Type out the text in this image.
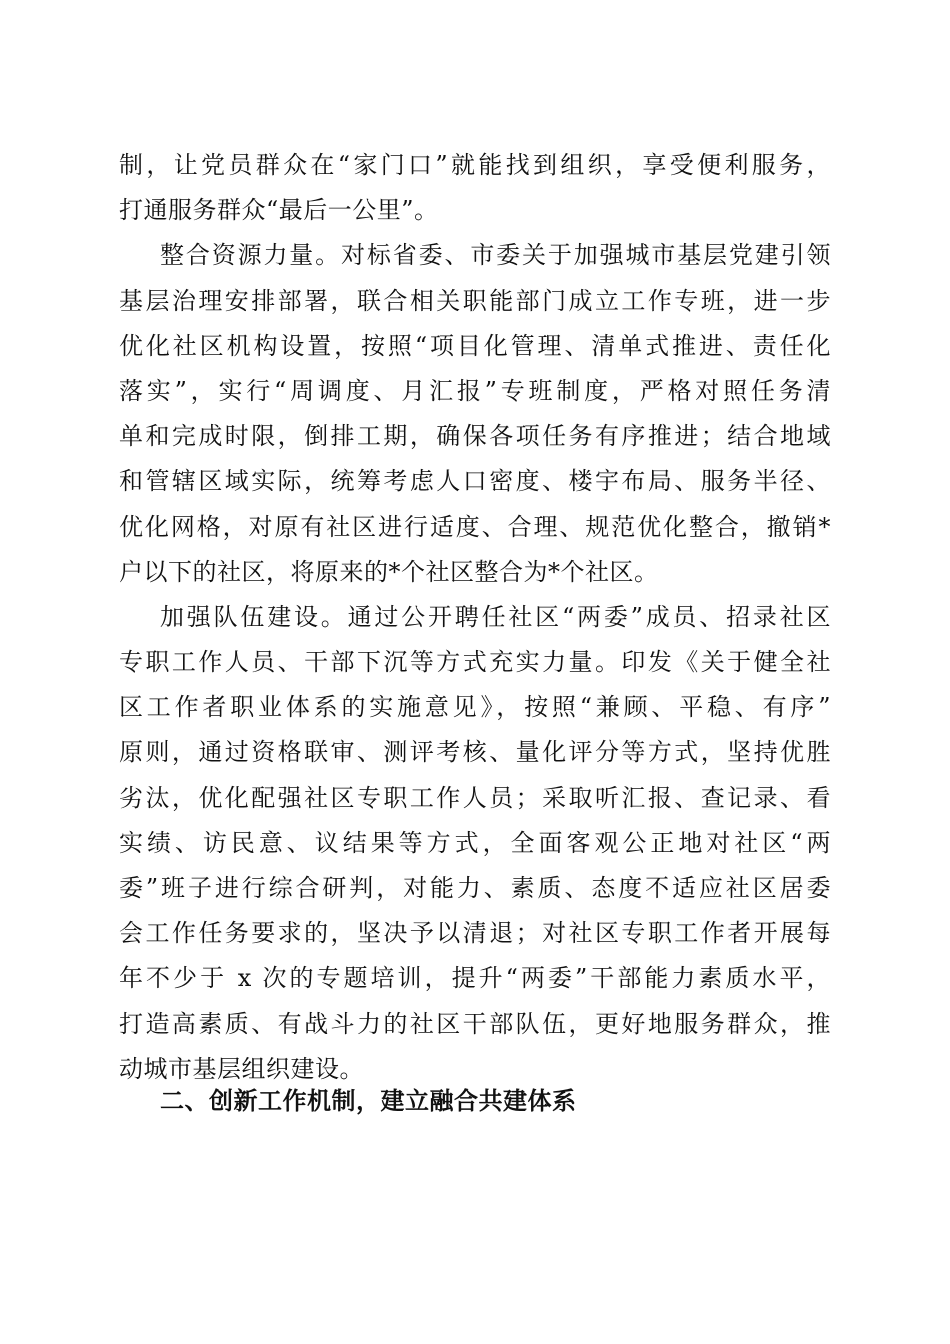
制，让党员群众在“家门口”就能找到组织，享受便利服务，
打通服务群众“最后一公里”。
整合资源力量。对标省委、市委关于加强城市基层党建引领
基层治理安排部署，联合相关职能部门成立工作专班，进一步
优化社区机构设置，按照“项目化管理、清单式推进、责任化
落实”，实行“周调度、月汇报”专班制度，严格对照任务清
单和完成时限，倒排工期，确保各项任务有序推进；结合地域
和管辖区域实际，统筹考虑人口密度、楼宇布局、服务半径、
优化网格，对原有社区进行适度、合理、规范优化整合，撤销*
户以下的社区，将原来的*个社区整合为*个社区。
加强队伍建设。通过公开聘任社区“两委”成员、招录社区
专职工作人员、干部下沉等方式充实力量。印发《关于健全社
区工作者职业体系的实施意见》，按照“兼顾、平稳、有序”
原则，通过资格联审、测评考核、量化评分等方式，坚持优胜
劣汰，优化配强社区专职工作人员；采取听汇报、查记录、看
实绩、访民意、议结果等方式，全面客观公正地对社区“两
委”班子进行综合研判，对能力、素质、态度不适应社区居委
会工作任务要求的，坚决予以清退；对社区专职工作者开展每
年不少于 x 次的专题培训，提升“两委”干部能力素质水平，
打造高素质、有战斗力的社区干部队伍，更好地服务群众，推
动城市基层组织建设。
二、创新工作机制，建立融合共建体系
